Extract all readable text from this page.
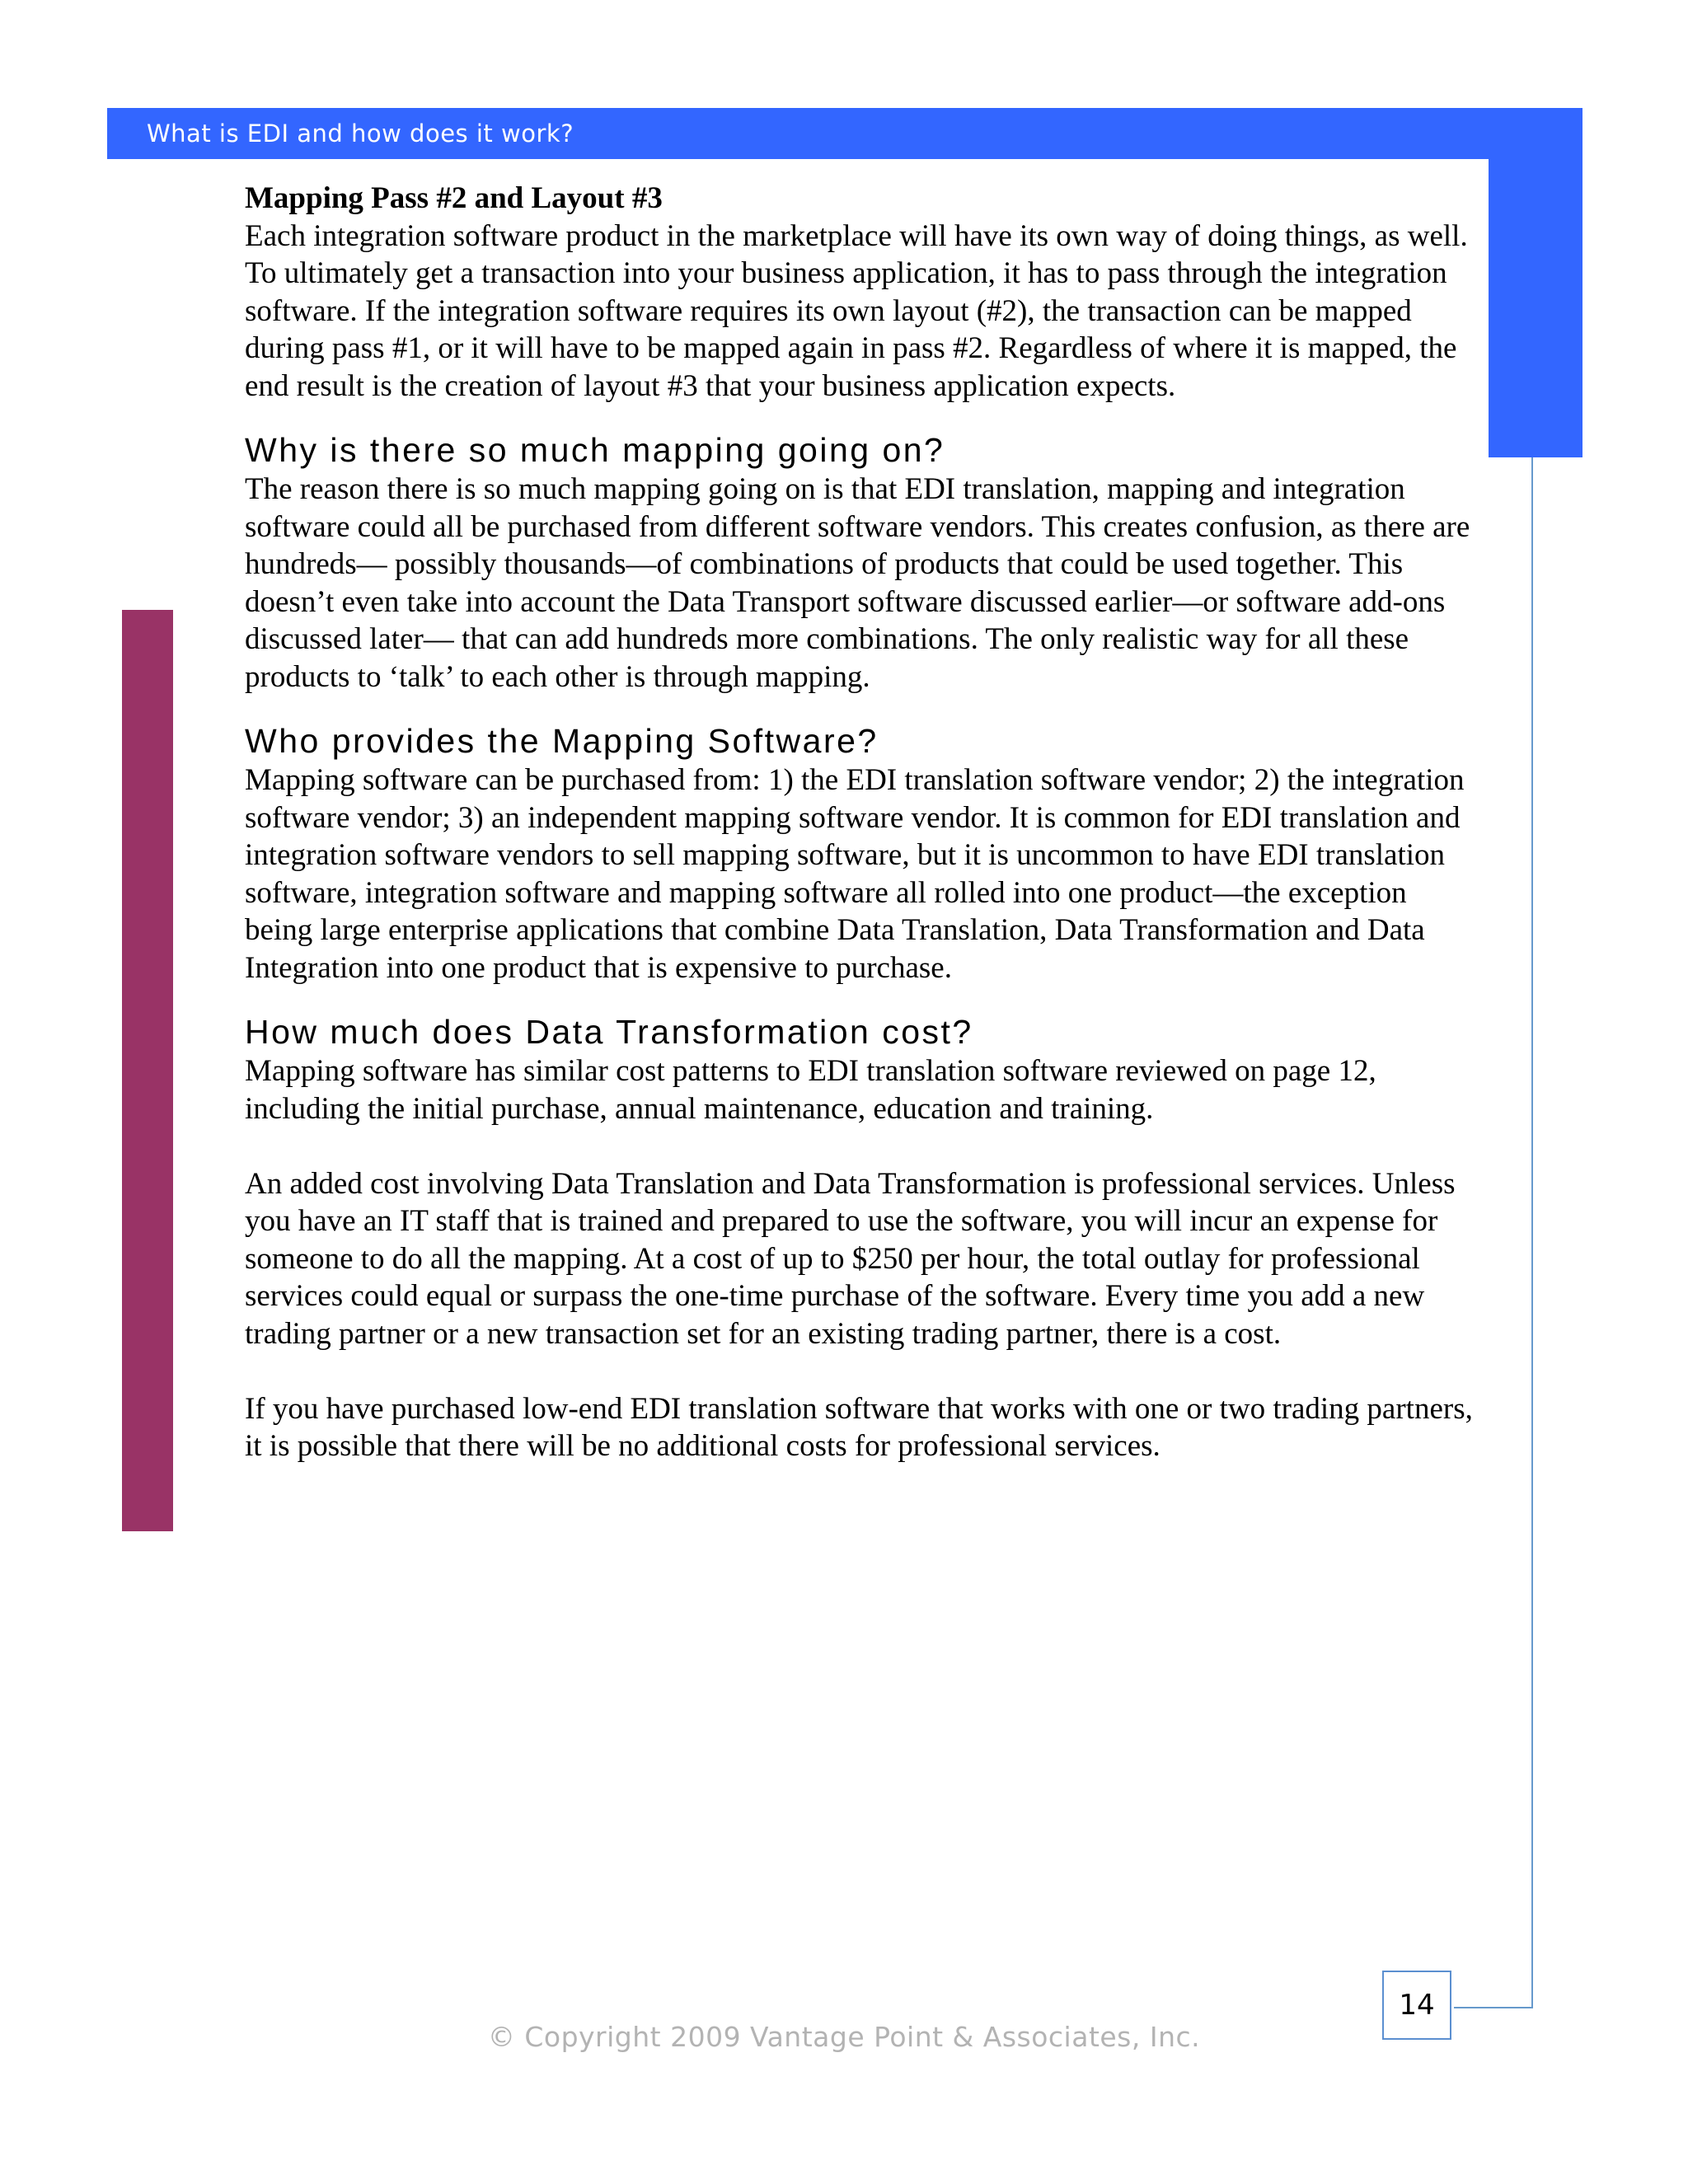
What is EDI and how does it work?

Mapping Pass #2 and Layout #3

Each integration software product in the marketplace will have its own way of doing things, as well. To ultimately get a transaction into your business application, it has to pass through the integration software. If the integration software requires its own layout (#2), the transaction can be mapped during pass #1, or it will have to be mapped again in pass #2. Regardless of where it is mapped, the end result is the creation of layout #3 that your business application expects.

Why is there so much mapping going on?

The reason there is so much mapping going on is that EDI translation, mapping and integration software could all be purchased from different software vendors. This creates confusion, as there are hundreds— possibly thousands—of combinations of products that could be used together. This doesn’t even take into account the Data Transport software discussed earlier—or software add-ons discussed later— that can add hundreds more combinations. The only realistic way for all these products to ‘talk’ to each other is through mapping.

Who provides the Mapping Software?

Mapping software can be purchased from: 1) the EDI translation software vendor; 2) the integration software vendor; 3) an independent mapping software vendor. It is common for EDI translation and integration software vendors to sell mapping software, but it is uncommon to have EDI translation software, integration software and mapping software all rolled into one product—the exception being large enterprise applications that combine Data Translation, Data Transformation and Data Integration into one product that is expensive to purchase.

How much does Data Transformation cost?

Mapping software has similar cost patterns to EDI translation software reviewed on page 12, including the initial purchase, annual maintenance, education and training.

An added cost involving Data Translation and Data Transformation is professional services. Unless you have an IT staff that is trained and prepared to use the software, you will incur an expense for someone to do all the mapping. At a cost of up to $250 per hour, the total outlay for professional services could equal or surpass the one-time purchase of the software. Every time you add a new trading partner or a new transaction set for an existing trading partner, there is a cost.

If you have purchased low-end EDI translation software that works with one or two trading partners, it is possible that there will be no additional costs for professional services.

14
© Copyright 2009 Vantage Point & Associates, Inc.
